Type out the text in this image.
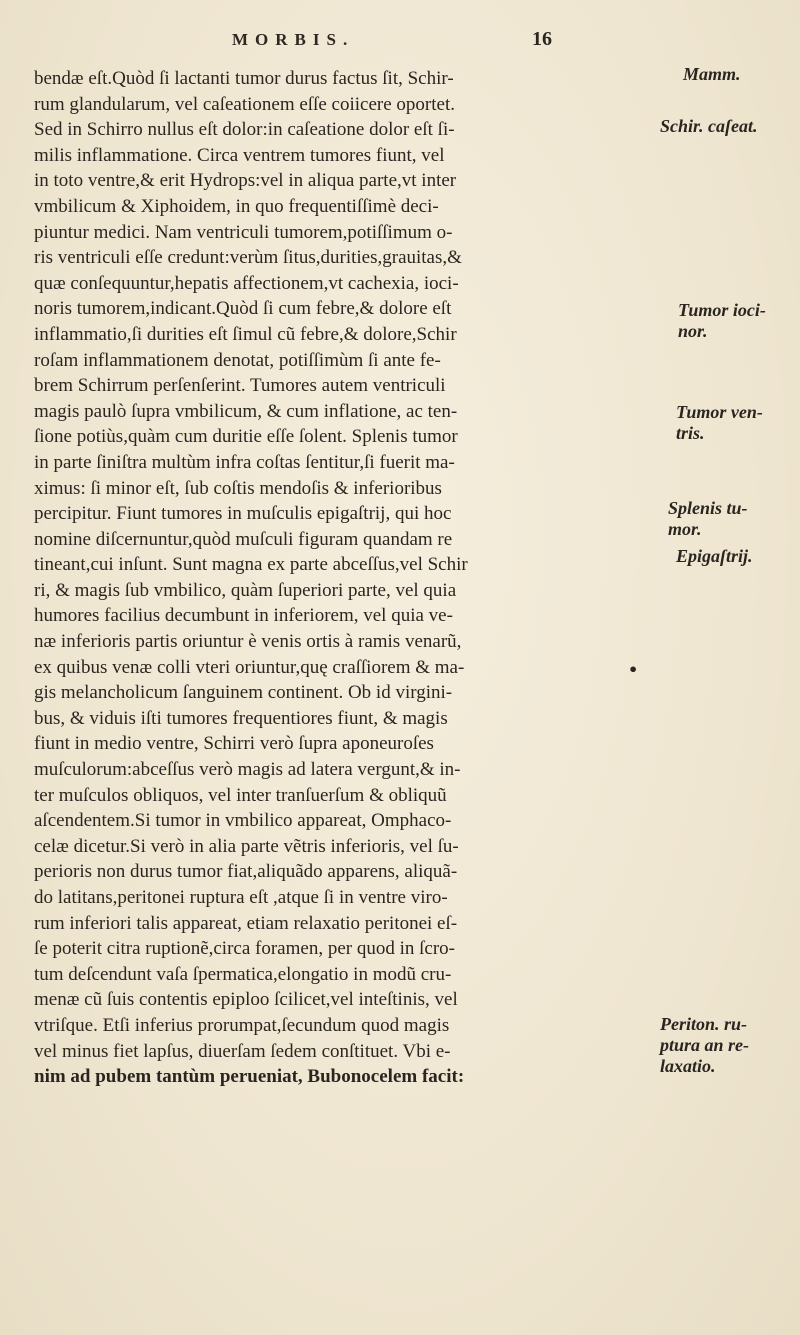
MORBIS.	16
bendæ eſt.Quòd ſi lactanti tumor durus factus ſit, Schir-
rum glandularum, vel caſeationem eſſe coiicere oportet.
Sed in Schirro nullus eſt dolor:in caſeatione dolor eſt ſi-
milis inflammatione. Circa ventrem tumores fiunt, vel
in toto ventre,& erit Hydrops:vel in aliqua parte,vt inter
vmbilicum & Xiphoidem, in quo frequentiſſimè deci-
piuntur medici. Nam ventriculi tumorem,potiſſimum o-
ris ventriculi eſſe credunt:verùm ſitus,durities,grauitas,&
quæ conſequuntur,hepatis affectionem,vt cachexia, ioci-
noris tumorem,indicant.Quòd ſi cum febre,& dolore eſt
inflammatio,ſi durities eſt ſimul cũ febre,& dolore,Schir
roſam inflammationem denotat, potiſſimùm ſi ante fe-
brem Schirrum perſenſerint. Tumores autem ventriculi
magis paulò ſupra vmbilicum, & cum inflatione, ac ten-
ſione potiùs,quàm cum duritie eſſe ſolent. Splenis tumor
in parte ſiniſtra multùm infra coſtas ſentitur,ſi fuerit ma-
ximus: ſi minor eſt, ſub coſtis mendoſis & inferioribus
percipitur. Fiunt tumores in muſculis epigaſtrij, qui hoc
nomine diſcernuntur,quòd muſculi figuram quandam re
tineant,cui inſunt. Sunt magna ex parte abceſſus,vel Schir
ri, & magis ſub vmbilico, quàm ſuperiori parte, vel quia
humores facilius decumbunt in inferiorem, vel quia ve-
næ inferioris partis oriuntur è venis ortis à ramis venarũ,
ex quibus venæ colli vteri oriuntur,quę craſſiorem & ma-
gis melancholicum ſanguinem continent. Ob id virgini-
bus, & viduis iſti tumores frequentiores fiunt, & magis
fiunt in medio ventre, Schirri verò ſupra aponeuroſes
muſculorum:abceſſus verò magis ad latera vergunt,& in-
ter muſculos obliquos, vel inter tranſuerſum & obliquũ
aſcendentem.Si tumor in vmbilico appareat, Omphaco-
celæ dicetur.Si verò in alia parte vẽtris inferioris, vel ſu-
perioris non durus tumor fiat,aliquãdo apparens, aliquã-
do latitans,peritonei ruptura eſt ,atque ſi in ventre viro-
rum inferiori talis appareat, etiam relaxatio peritonei eſ-
ſe poterit citra ruptionẽ,circa foramen, per quod in ſcro-
tum deſcendunt vaſa ſpermatica,elongatio in modũ cru-
menæ cũ ſuis contentis epiploo ſcilicet,vel inteſtinis, vel
vtriſque. Etſi inferius prorumpat,ſecundum quod magis
vel minus fiet lapſus, diuerſam ſedem conſtituet. Vbi e-
nim ad pubem tantùm perueniat, Bubonocelem facit:
Mamm.
Schir. caſeat.
Tumor ioci-
nor.
Tumor ven-
tris.
Splenis tu-
mor.
Epigaſtrij.
•
Periton. ru-
ptura an re-
laxatio.
